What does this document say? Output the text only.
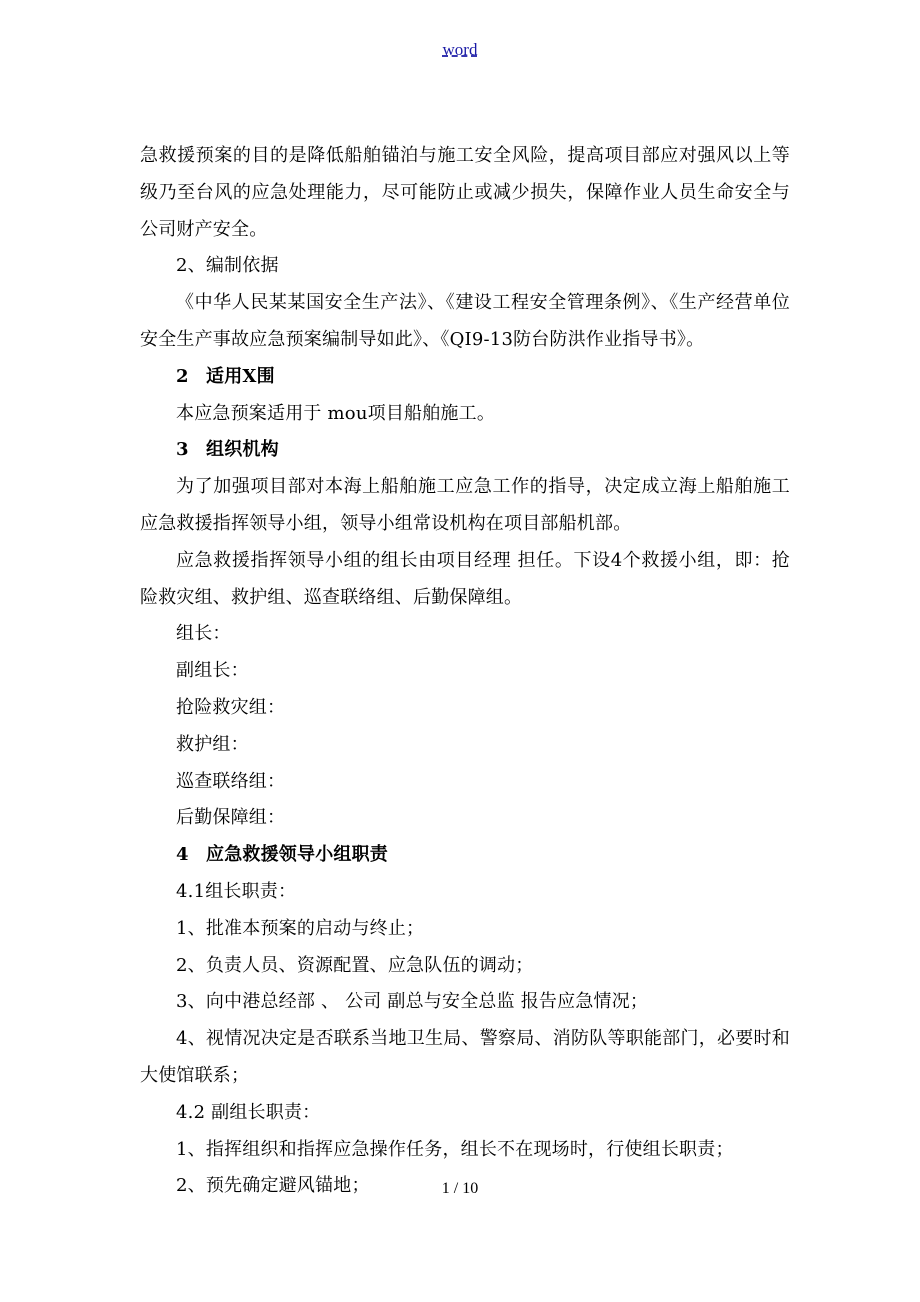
word

急救援预案的目的是降低船舶锚泊与施工安全风险，提高项目部应对强风以上等级乃至台风的应急处理能力，尽可能防止或减少损失，保障作业人员生命安全与公司财产安全。

2、编制依据

《中华人民某某国安全生产法》、《建设工程安全管理条例》、《生产经营单位安全生产事故应急预案编制导如此》、《QI9-13防台防洪作业指导书》。

2 适用X围

本应急预案适用于 mou项目船舶施工。

3 组织机构

为了加强项目部对本海上船舶施工应急工作的指导，决定成立海上船舶施工应急救援指挥领导小组，领导小组常设机构在项目部船机部。

应急救援指挥领导小组的组长由项目经理 担任。下设4个救援小组，即：抢险救灾组、救护组、巡查联络组、后勤保障组。

组长：

副组长：

抢险救灾组：

救护组：

巡查联络组：

后勤保障组：

4 应急救援领导小组职责

4.1组长职责：

1、批准本预案的启动与终止；

2、负责人员、资源配置、应急队伍的调动；

3、向中港总经部 、 公司 副总与安全总监 报告应急情况；

4、视情况决定是否联系当地卫生局、警察局、消防队等职能部门，必要时和大使馆联系；

4.2 副组长职责：

1、指挥组织和指挥应急操作任务，组长不在现场时，行使组长职责；

2、预先确定避风锚地；	1 / 10
